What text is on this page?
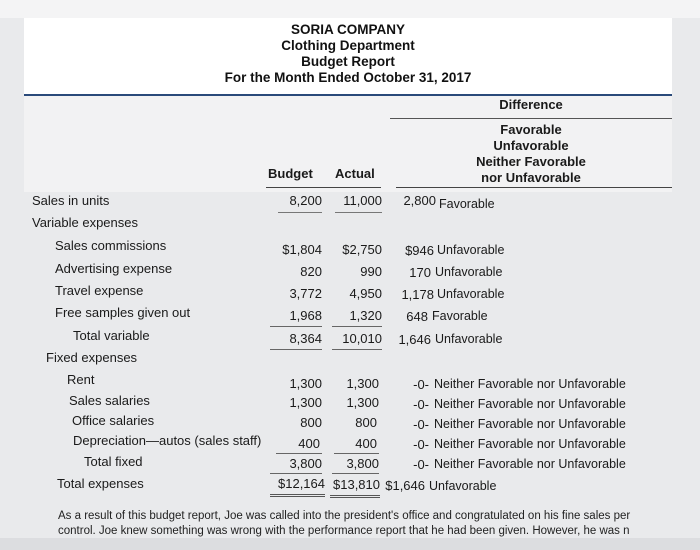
SORIA COMPANY
Clothing Department
Budget Report
For the Month Ended October 31, 2017
Difference
Favorable
Unfavorable
Neither Favorable
nor Unfavorable
Budget Actual
Sales in units	8,200	11,000	2,800 Favorable
Variable expenses
Sales commissions	$1,804	$2,750	$946 Unfavorable
Advertising expense	820	990	170 Unfavorable
Travel expense	3,772	4,950	1,178 Unfavorable
Free samples given out	1,968	1,320	648 Favorable
Total variable	8,364	10,010	1,646 Unfavorable
Fixed expenses
Rent	1,300	1,300	-0- Neither Favorable nor Unfavorable
Sales salaries	1,300	1,300	-0- Neither Favorable nor Unfavorable
Office salaries	800	800	-0- Neither Favorable nor Unfavorable
Depreciation—autos (sales staff)	400	400	-0- Neither Favorable nor Unfavorable
Total fixed	3,800	3,800	-0- Neither Favorable nor Unfavorable
Total expenses	$12,164 $13,810 $1,646 Unfavorable
As a result of this budget report, Joe was called into the president's office and congratulated on his fine sales per
control. Joe knew something was wrong with the performance report that he had been given. However, he was n
